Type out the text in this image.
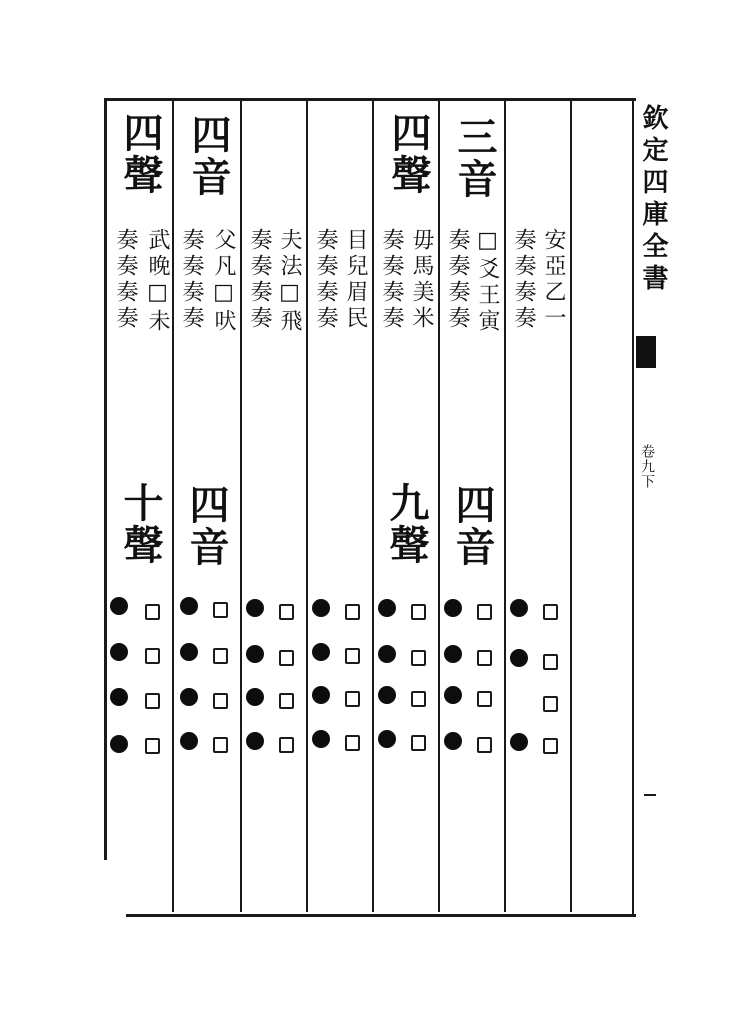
欽定四庫全書
卷九下
安亞乙一
奏奏奏奏
三音
□爻王寅
奏奏奏奏
四音
四聲
毋馬美米
奏奏奏奏
九聲
目兒眉民
奏奏奏奏
夫法□飛
奏奏奏奏
四音
父凡□吠
奏奏奏奏
四音
四聲
武晚□未
奏奏奏奏
十聲
